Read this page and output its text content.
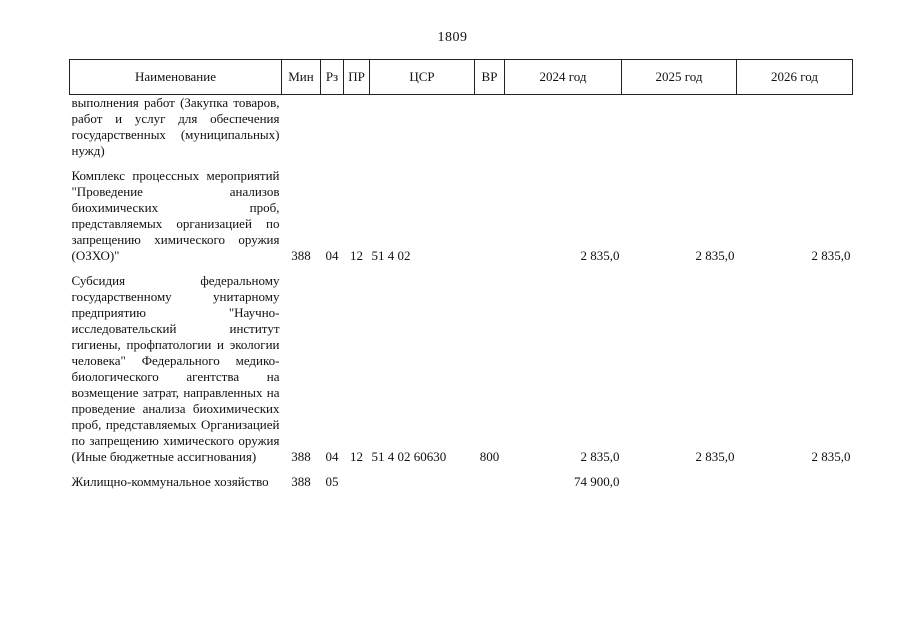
1809
Наименование	Мин	Рз	ПР	ЦСР	ВР	2024 год	2025 год	2026 год
выполнения работ (Закупка товаров, работ и услуг для обеспечения государственных (муниципальных) нужд)								
Комплекс процессных мероприятий "Проведение анализов биохимических проб, представляемых организацией по запрещению химического оружия (ОЗХО)"	388	04	12	51 4 02		2 835,0	2 835,0	2 835,0
Субсидия федеральному государственному унитарному предприятию "Научно-исследовательский институт гигиены, профпатологии и экологии человека" Федерального медико-биологического агентства на возмещение затрат, направленных на проведение анализа биохимических проб, представляемых Организацией по запрещению химического оружия (Иные бюджетные ассигнования)	388	04	12	51 4 02 60630	800	2 835,0	2 835,0	2 835,0
Жилищно-коммунальное хозяйство	388	05				74 900,0		
